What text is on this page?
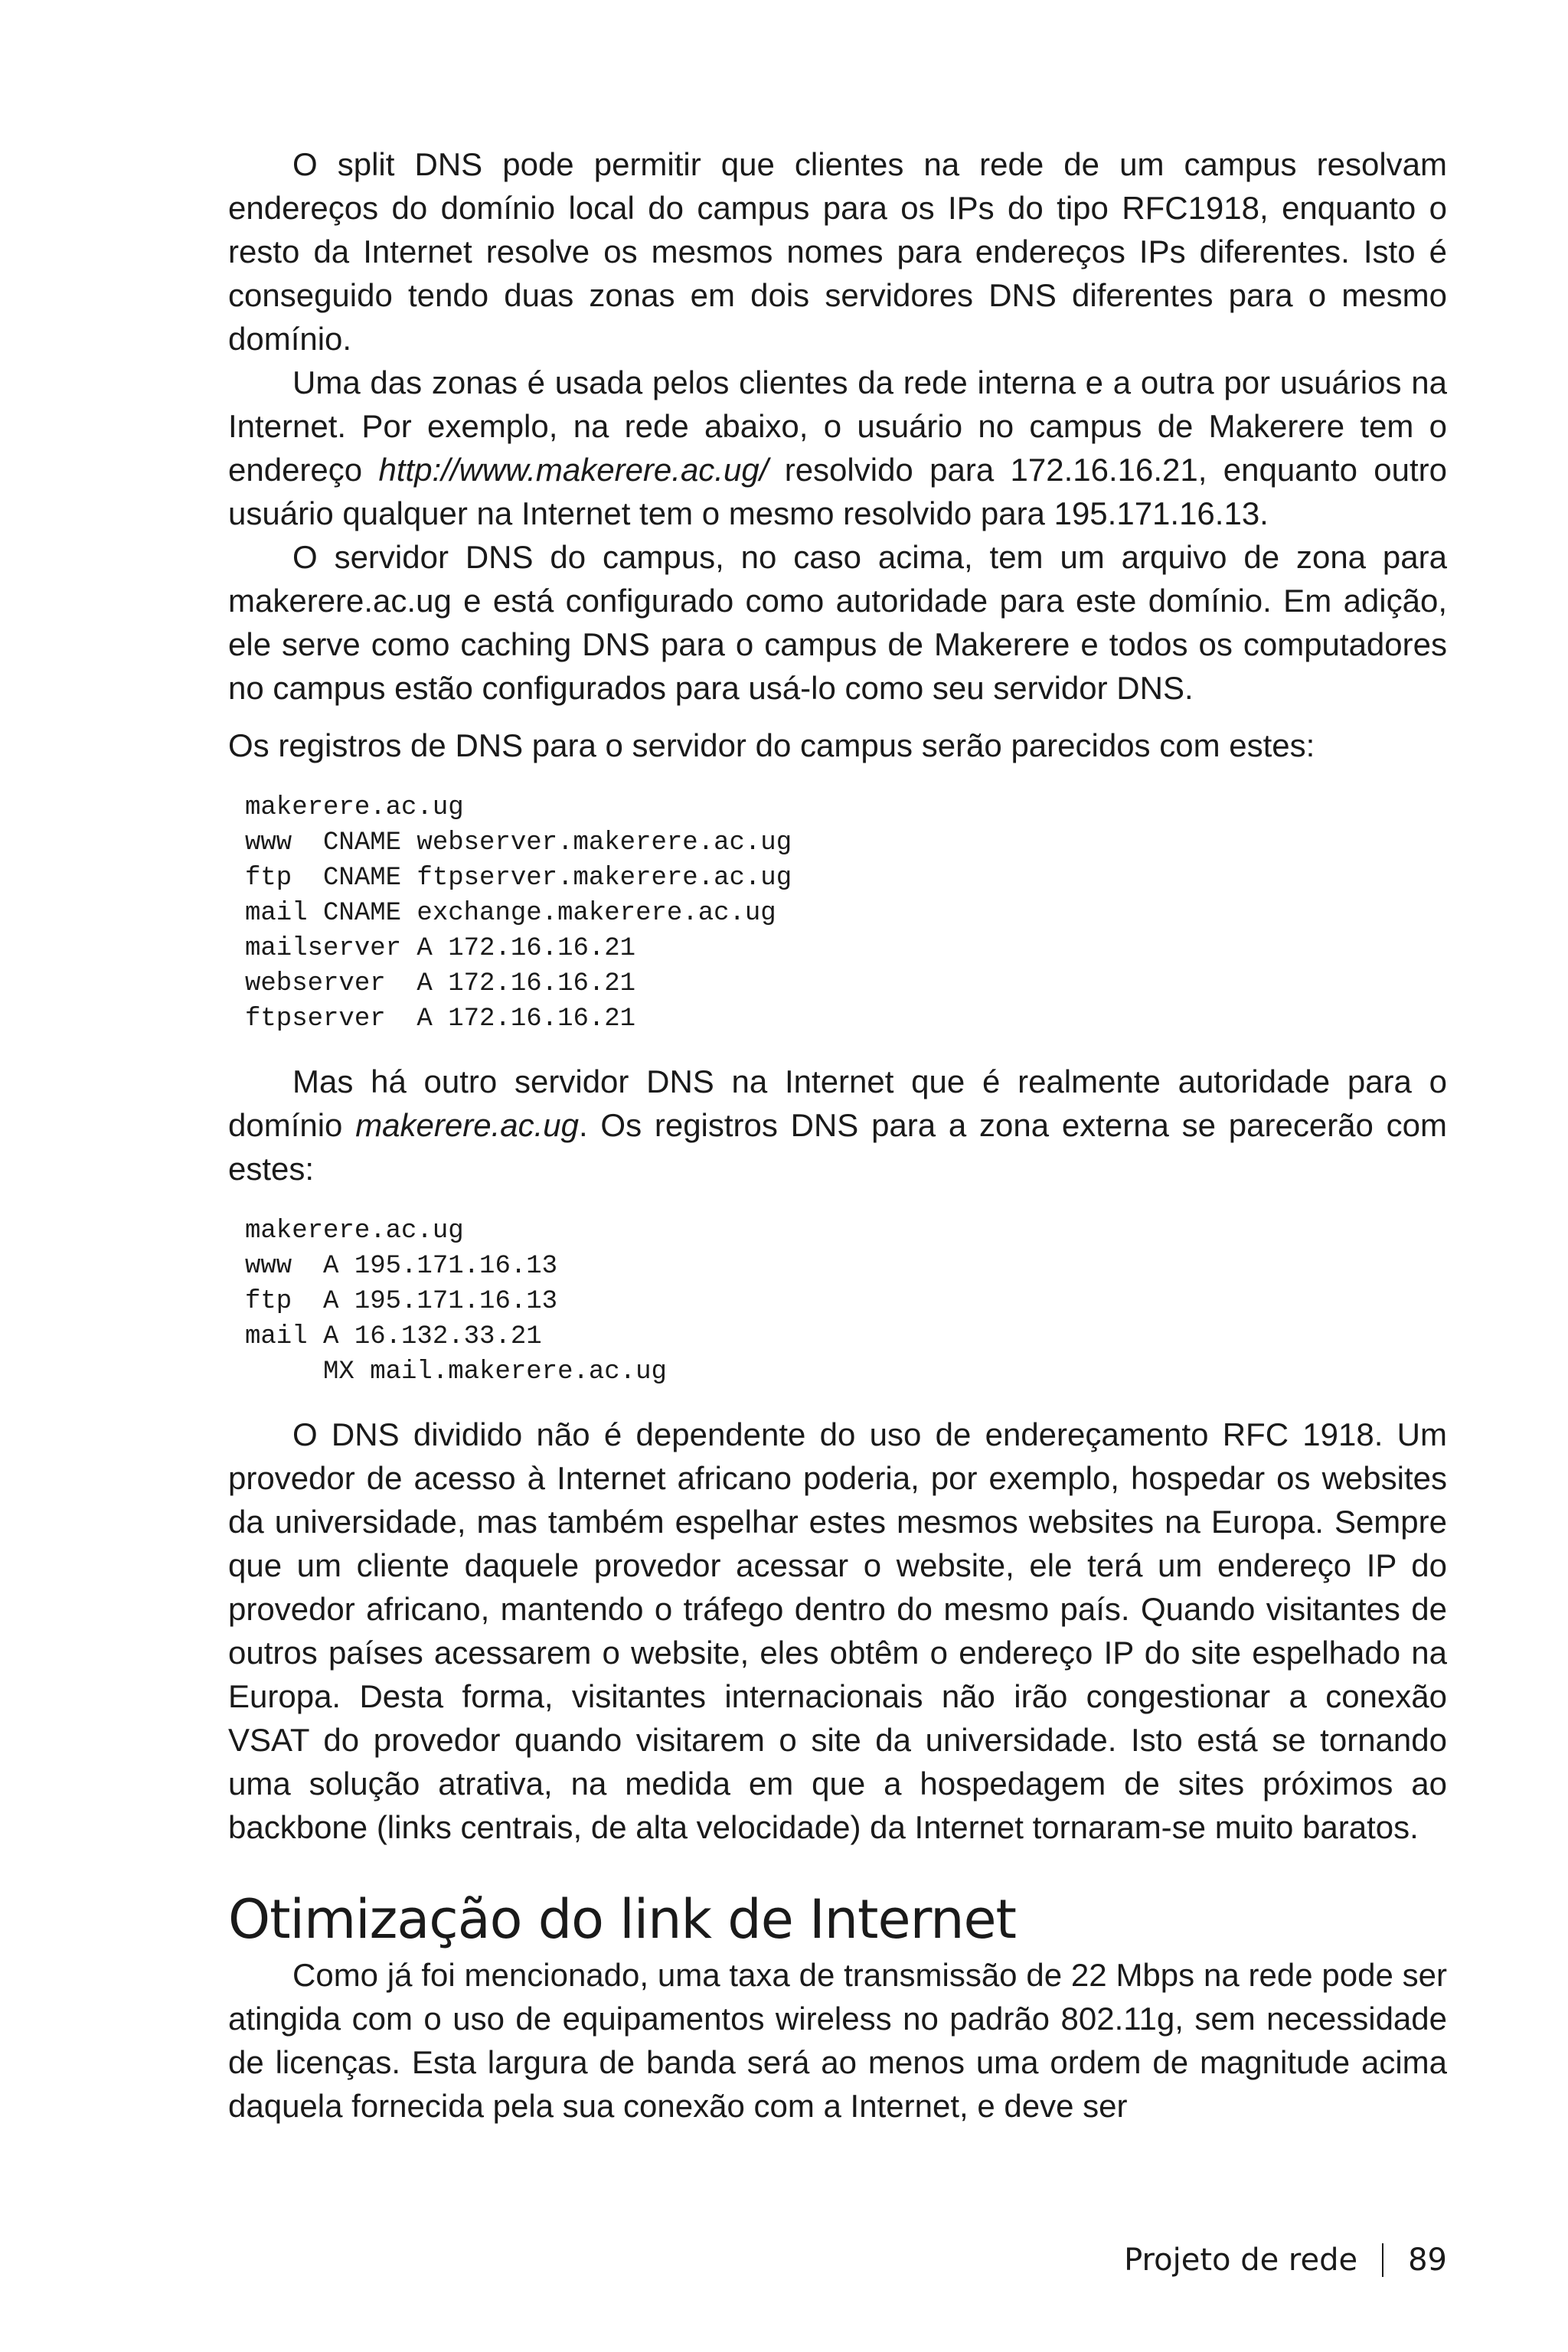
O split DNS pode permitir que clientes na rede de um campus resolvam endereços do domínio local do campus para os IPs do tipo RFC1918, enquanto o resto da Internet resolve os mesmos nomes para endereços IPs diferentes. Isto é conseguido tendo duas zonas em dois servidores DNS diferentes para o mesmo domínio.

Uma das zonas é usada pelos clientes da rede interna e a outra por usuários na Internet. Por exemplo, na rede abaixo, o usuário no campus de Makerere tem o endereço http://www.makerere.ac.ug/ resolvido para 172.16.16.21, enquanto outro usuário qualquer na Internet tem o mesmo resolvido para 195.171.16.13.

O servidor DNS do campus, no caso acima, tem um arquivo de zona para makerere.ac.ug e está configurado como autoridade para este domínio. Em adição, ele serve como caching DNS para o campus de Makerere e todos os computadores no campus estão configurados para usá-lo como seu servidor DNS.

Os registros de DNS para o servidor do campus serão parecidos com estes:

makerere.ac.ug
www  CNAME webserver.makerere.ac.ug
ftp  CNAME ftpserver.makerere.ac.ug
mail CNAME exchange.makerere.ac.ug
mailserver A 172.16.16.21
webserver  A 172.16.16.21
ftpserver  A 172.16.16.21

Mas há outro servidor DNS na Internet que é realmente autoridade para o domínio makerere.ac.ug. Os registros DNS para a zona externa se parecerão com estes:

makerere.ac.ug
www  A 195.171.16.13
ftp  A 195.171.16.13
mail A 16.132.33.21
MX mail.makerere.ac.ug

O DNS dividido não é dependente do uso de endereçamento RFC 1918. Um provedor de acesso à Internet africano poderia, por exemplo, hospedar os websites da universidade, mas também espelhar estes mesmos websites na Europa. Sempre que um cliente daquele provedor acessar o website, ele terá um endereço IP do provedor africano, mantendo o tráfego dentro do mesmo país. Quando visitantes de outros países acessarem o website, eles obtêm o endereço IP do site espelhado na Europa. Desta forma, visitantes internacionais não irão congestionar a conexão VSAT do provedor quando visitarem o site da universidade. Isto está se tornando uma solução atrativa, na medida em que a hospedagem de sites próximos ao backbone (links centrais, de alta velocidade) da Internet tornaram-se muito baratos.

Otimização do link de Internet

Como já foi mencionado, uma taxa de transmissão de 22 Mbps na rede pode ser atingida com o uso de equipamentos wireless no padrão 802.11g, sem necessidade de licenças. Esta largura de banda será ao menos uma ordem de magnitude acima daquela fornecida pela sua conexão com a Internet, e deve ser

Projeto de rede 89
